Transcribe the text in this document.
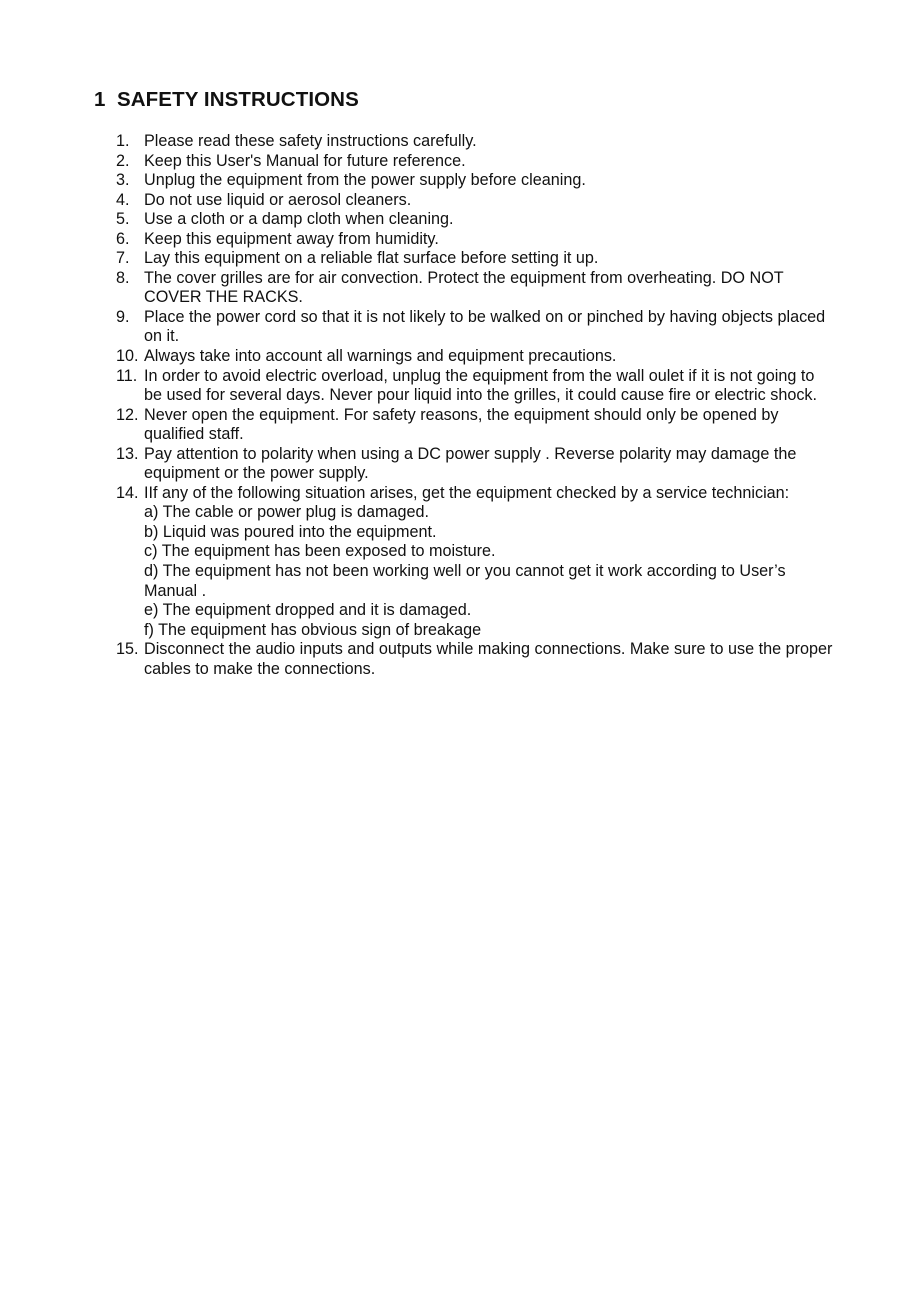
1 SAFETY INSTRUCTIONS
1. Please read these safety instructions carefully.
2. Keep this User's Manual for future reference.
3. Unplug the equipment from the power supply before cleaning.
4. Do not use liquid or aerosol cleaners.
5. Use a cloth or a damp cloth when cleaning.
6. Keep this equipment away from humidity.
7. Lay this equipment on a reliable flat surface before setting it up.
8. The cover grilles are for air convection. Protect the equipment from overheating. DO NOT COVER THE RACKS.
9. Place the power cord so that it is not likely to be walked on or pinched by having objects placed on it.
10. Always take into account all warnings and equipment precautions.
11. In order to avoid electric overload, unplug the equipment from the wall oulet if it is not going to be used for several days. Never pour liquid into the grilles, it could cause fire or electric shock.
12. Never open the equipment. For safety reasons, the equipment should only be opened by qualified staff.
13. Pay attention to polarity when using a DC power supply . Reverse polarity may damage the equipment or the power supply.
14. IIf any of the following situation arises, get the equipment checked by a service technician:
a) The cable or power plug is damaged.
b) Liquid was poured into the equipment.
c) The equipment has been exposed to moisture.
d) The equipment has not been working well or you cannot get it work according to User’s Manual .
e) The equipment dropped and it is damaged.
f) The equipment has obvious sign of breakage
15. Disconnect the audio inputs and outputs while making connections. Make sure to use the proper cables to make the connections.
